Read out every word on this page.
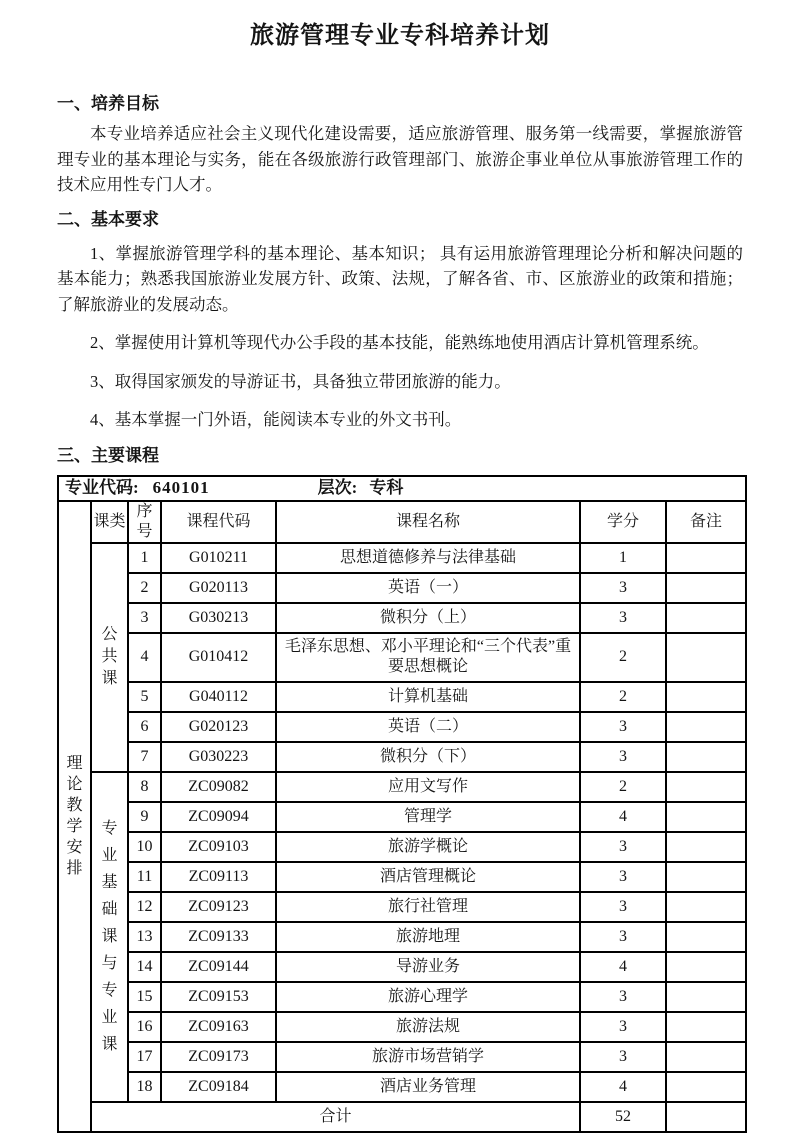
旅游管理专业专科培养计划
一、培养目标

本专业培养适应社会主义现代化建设需要，适应旅游管理、服务第一线需要，掌握旅游管理专业的基本理论与实务，能在各级旅游行政管理部门、旅游企事业单位从事旅游管理工作的技术应用性专门人才。

二、基本要求

1、掌握旅游管理学科的基本理论、基本知识； 具有运用旅游管理理论分析和解决问题的基本能力；熟悉我国旅游业发展方针、政策、法规，了解各省、市、区旅游业的政策和措施；了解旅游业的发展动态。

2、掌握使用计算机等现代办公手段的基本技能，能熟练地使用酒店计算机管理系统。

3、取得国家颁发的导游证书，具备独立带团旅游的能力。

4、基本掌握一门外语，能阅读本专业的外文书刊。

三、主要课程
专业代码: 640101 层次: 专科						

理论教学安排	课类	序号	课程代码	课程名称	学分	备注

	公共课	1	G010211	思想道德修养与法律基础	1	
		2	G020113	英语（一）	3	
		3	G030213	微积分（上）	3	
		4	G010412	毛泽东思想、邓小平理论和“三个代表”重要思想概论	2	
		5	G040112	计算机基础	2	
		6	G020123	英语（二）	3	
		7	G030223	微积分（下）	3	

	专业基础课与专业课	8	ZC09082	应用文写作	2	
		9	ZC09094	管理学	4	
		10	ZC09103	旅游学概论	3	
		11	ZC09113	酒店管理概论	3	
		12	ZC09123	旅行社管理	3	
		13	ZC09133	旅游地理	3	
		14	ZC09144	导游业务	4	
		15	ZC09153	旅游心理学	3	
		16	ZC09163	旅游法规	3	
		17	ZC09173	旅游市场营销学	3	
		18	ZC09184	酒店业务管理	4	
	合计				52	
